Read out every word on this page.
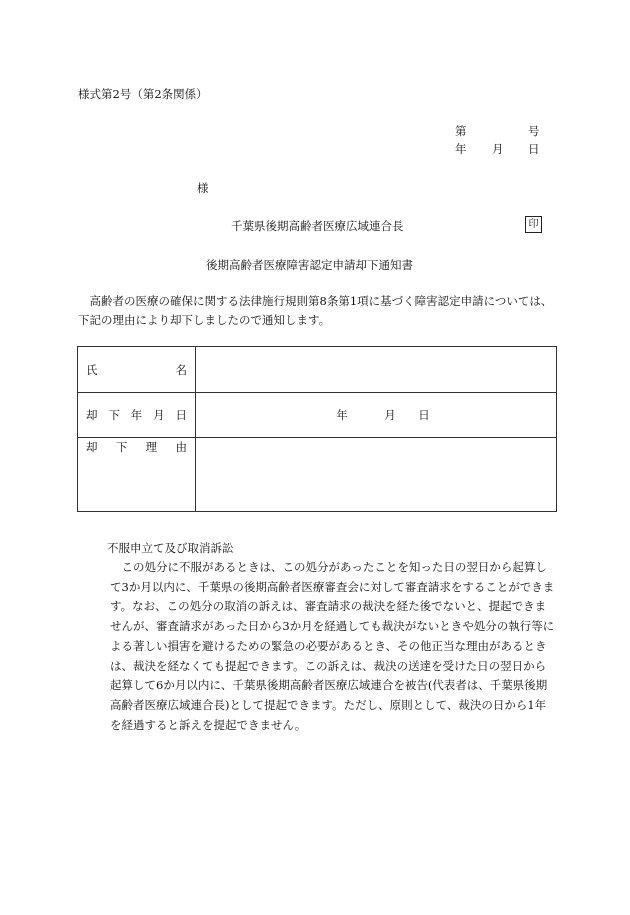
様式第2号（第2条関係）
第	号
年 月 日
様
千葉県後期高齢者医療広域連合長	印
後期高齢者医療障害認定申請却下通知書
高齢者の医療の確保に関する法律施行規則第8条第1項に基づく障害認定申請については、下記の理由により却下しましたので通知します。
氏 名	

却 下 年 月 日	年 月 日

却 下 理 由	

不服申立て及び取消訴訟
この処分に不服があるときは、この処分があったことを知った日の翌日から起算して3か月以内に、千葉県の後期高齢者医療審査会に対して審査請求をすることができます。なお、この処分の取消の訴えは、審査請求の裁決を経た後でないと、提起できませんが、審査請求があった日から3か月を経過しても裁決がないときや処分の執行等による著しい損害を避けるための緊急の必要があるとき、その他正当な理由があるときは、裁決を経なくても提起できます。この訴えは、裁決の送達を受けた日の翌日から起算して6か月以内に、千葉県後期高齢者医療広域連合を被告(代表者は、千葉県後期高齢者医療広域連合長)として提起できます。ただし、原則として、裁決の日から1年を経過すると訴えを提起できません。
